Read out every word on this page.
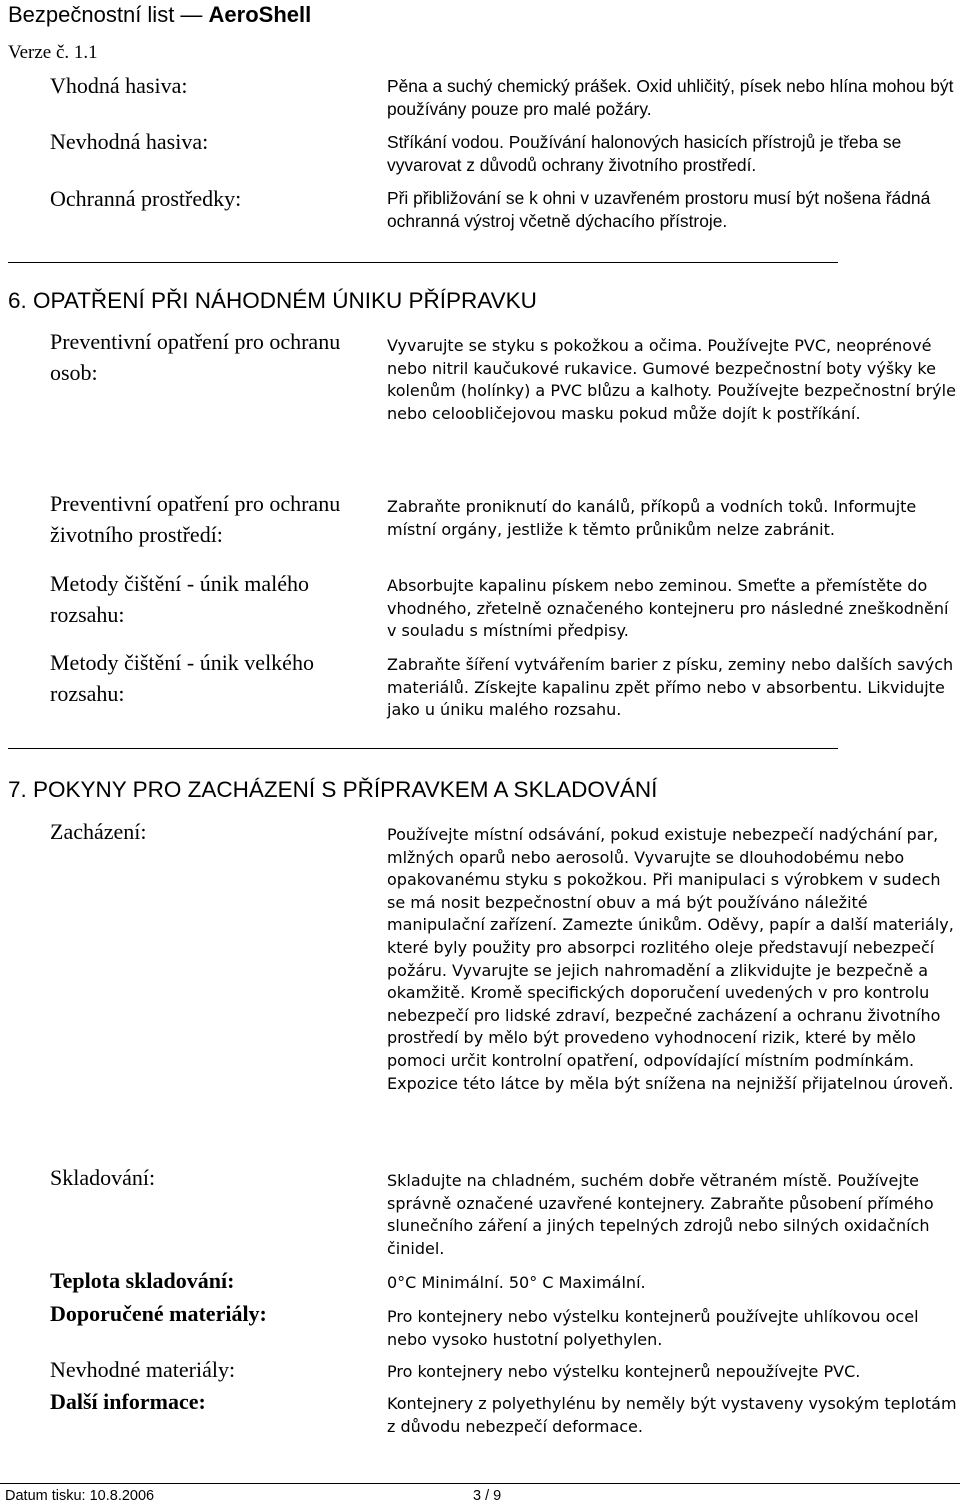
Bezpečnostní list — AeroShell
Verze č. 1.1
Vhodná hasiva:	Pěna a suchý chemický prášek. Oxid uhličitý, písek nebo hlína mohou být používány pouze pro malé požáry.
Nevhodná hasiva:	Stříkání vodou. Používání halonových hasicích přístrojů je třeba se vyvarovat z důvodů ochrany životního prostředí.
Ochranná prostředky:	Při přibližování se k ohni v uzavřeném prostoru musí být nošena řádná ochranná výstroj včetně dýchacího přístroje.
6. OPATŘENÍ PŘI NÁHODNÉM ÚNIKU PŘÍPRAVKU
Preventivní opatření pro ochranu osob:
Vyvarujte se styku s pokožkou a očima. Používejte PVC, neoprénové nebo nitril kaučukové rukavice. Gumové bezpečnostní boty výšky ke kolenům (holínky) a PVC blůzu a kalhoty. Používejte bezpečnostní brýle nebo celoobličejovou masku pokud může dojít k postříkání.
Preventivní opatření pro ochranu životního prostředí:
Zabraňte proniknutí do kanálů, příkopů a vodních toků. Informujte místní orgány, jestliže k těmto průnikům nelze zabránit.
Metody čištění - únik malého rozsahu:
Absorbujte kapalinu pískem nebo zeminou. Smeťte a přemístěte do vhodného, zřetelně označeného kontejneru pro následné zneškodnění v souladu s místními předpisy.
Metody čištění - únik velkého rozsahu:
Zabraňte šíření vytvářením barier z písku, zeminy nebo dalších savých materiálů. Získejte kapalinu zpět přímo nebo v absorbentu. Likvidujte jako u úniku malého rozsahu.
7. POKYNY PRO ZACHÁZENÍ S PŘÍPRAVKEM A SKLADOVÁNÍ
Zacházení:	Používejte místní odsávání, pokud existuje nebezpečí nadýchání par, mlžných oparů nebo aerosolů. Vyvarujte se dlouhodobému nebo opakovanému styku s pokožkou. Při manipulaci s výrobkem v sudech se má nosit bezpečnostní obuv a má být používáno náležité manipulační zařízení. Zamezte únikům. Oděvy, papír a další materiály, které byly použity pro absorpci rozlitého oleje představují nebezpečí požáru. Vyvarujte se jejich nahromadění a zlikvidujte je bezpečně a okamžitě. Kromě specifických doporučení uvedených v pro kontrolu nebezpečí pro lidské zdraví, bezpečné zacházení a ochranu životního prostředí by mělo být provedeno vyhodnocení rizik, které by mělo pomoci určit kontrolní opatření, odpovídající místním podmínkám. Expozice této látce by měla být snížena na nejnižší přijatelnou úroveň.
Skladování:	Skladujte na chladném, suchém dobře větraném místě. Používejte správně označené uzavřené kontejnery. Zabraňte působení přímého slunečního záření a jiných tepelných zdrojů nebo silných oxidačních činidel.
Teplota skladování:	0°C Minimální. 50° C Maximální.
Doporučené materiály:	Pro kontejnery nebo výstelku kontejnerů používejte uhlíkovou ocel nebo vysoko hustotní polyethylen.
Nevhodné materiály:	Pro kontejnery nebo výstelku kontejnerů nepoužívejte PVC.
Další informace:	Kontejnery z polyethylénu by neměly být vystaveny vysokým teplotám z důvodu nebezpečí deformace.
Datum tisku: 10.8.2006	3 / 9
